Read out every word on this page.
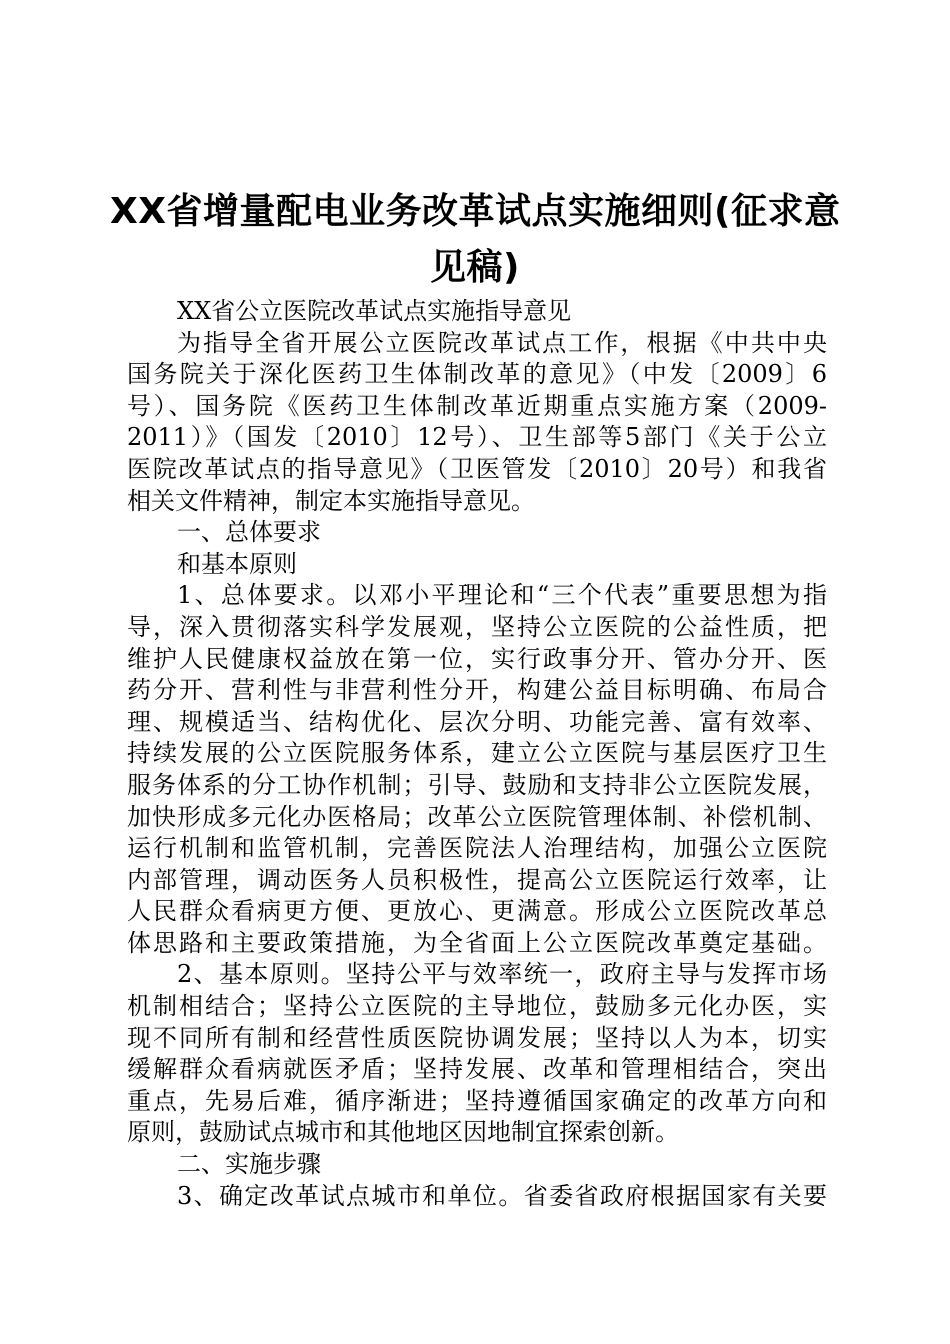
XX省增量配电业务改革试点实施细则(征求意
见稿)
XX省公立医院改革试点实施指导意见
为指导全省开展公立医院改革试点工作，根据《中共中央
国务院关于深化医药卫生体制改革的意见》（中发〔2009〕6
号）、国务院《医药卫生体制改革近期重点实施方案（2009-
2011）》（国发〔2010〕12号）、卫生部等5部门《关于公立
医院改革试点的指导意见》（卫医管发〔2010〕20号）和我省
相关文件精神，制定本实施指导意见。
一、总体要求
和基本原则
1、总体要求。以邓小平理论和“三个代表”重要思想为指
导，深入贯彻落实科学发展观，坚持公立医院的公益性质，把
维护人民健康权益放在第一位，实行政事分开、管办分开、医
药分开、营利性与非营利性分开，构建公益目标明确、布局合
理、规模适当、结构优化、层次分明、功能完善、富有效率、
持续发展的公立医院服务体系，建立公立医院与基层医疗卫生
服务体系的分工协作机制；引导、鼓励和支持非公立医院发展，
加快形成多元化办医格局；改革公立医院管理体制、补偿机制、
运行机制和监管机制，完善医院法人治理结构，加强公立医院
内部管理，调动医务人员积极性，提高公立医院运行效率，让
人民群众看病更方便、更放心、更满意。形成公立医院改革总
体思路和主要政策措施，为全省面上公立医院改革奠定基础。
2、基本原则。坚持公平与效率统一，政府主导与发挥市场
机制相结合；坚持公立医院的主导地位，鼓励多元化办医，实
现不同所有制和经营性质医院协调发展；坚持以人为本，切实
缓解群众看病就医矛盾；坚持发展、改革和管理相结合，突出
重点，先易后难，循序渐进；坚持遵循国家确定的改革方向和
原则，鼓励试点城市和其他地区因地制宜探索创新。
二、实施步骤
3、确定改革试点城市和单位。省委省政府根据国家有关要
